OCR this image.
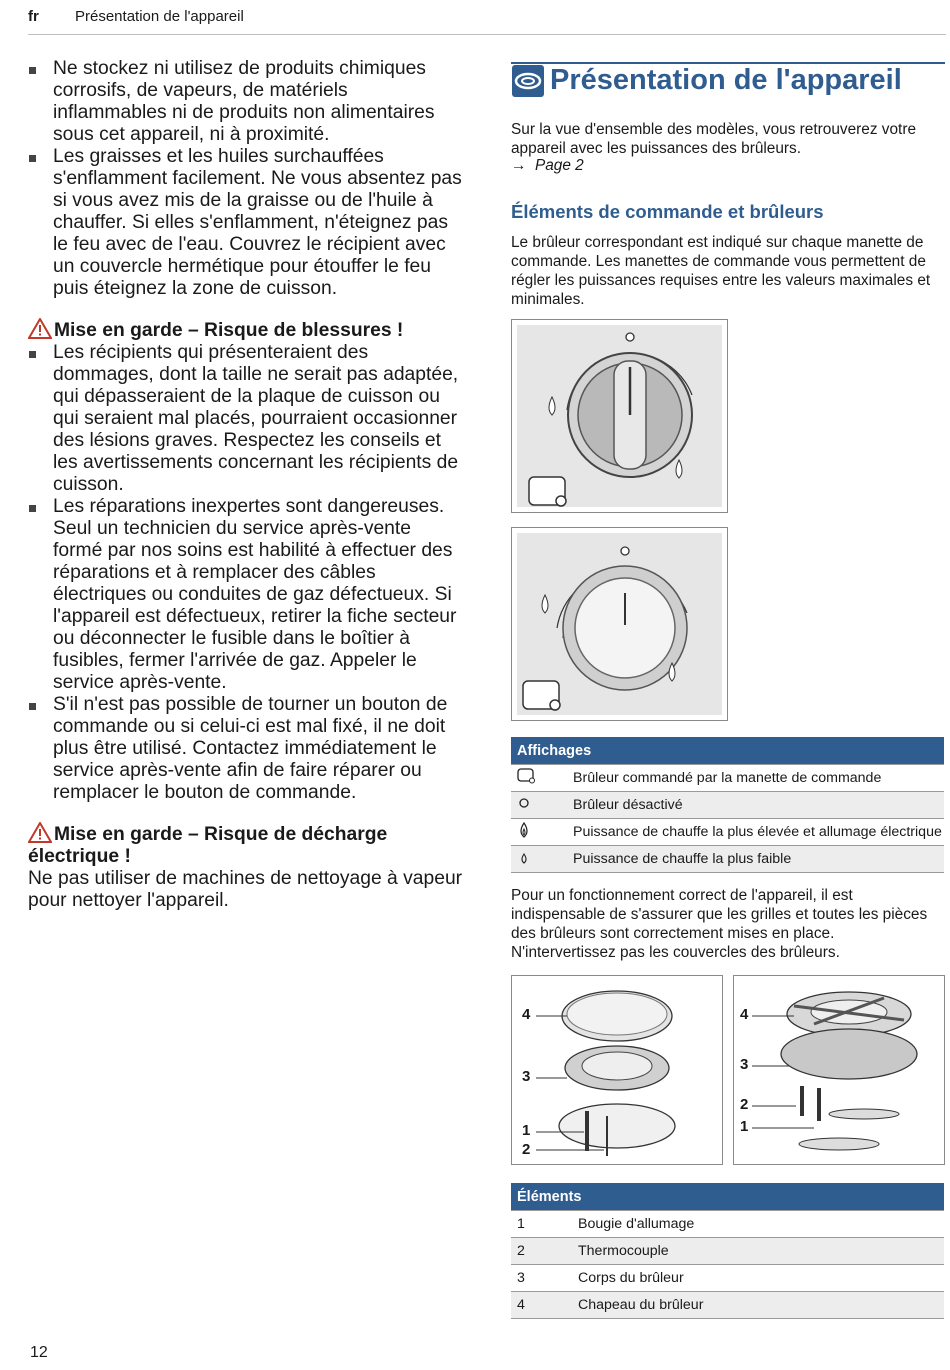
fr Présentation de l'appareil
Ne stockez ni utilisez de produits chimiques corrosifs, de vapeurs, de matériels inflammables ni de produits non alimentaires sous cet appareil, ni à proximité.
Les graisses et les huiles surchauffées s'enflamment facilement. Ne vous absentez pas si vous avez mis de la graisse ou de l'huile à chauffer. Si elles s'enflamment, n'éteignez pas le feu avec de l'eau. Couvrez le récipient avec un couvercle hermétique pour étouffer le feu puis éteignez la zone de cuisson.
Mise en garde – Risque de blessures !
Les récipients qui présenteraient des dommages, dont la taille ne serait pas adaptée, qui dépasseraient de la plaque de cuisson ou qui seraient mal placés, pourraient occasionner des lésions graves. Respectez les conseils et les avertissements concernant les récipients de cuisson.
Les réparations inexpertes sont dangereuses. Seul un technicien du service après-vente formé par nos soins est habilité à effectuer des réparations et à remplacer des câbles électriques ou conduites de gaz défectueux. Si l'appareil est défectueux, retirer la fiche secteur ou déconnecter le fusible dans le boîtier à fusibles, fermer l'arrivée de gaz. Appeler le service après-vente.
S'il n'est pas possible de tourner un bouton de commande ou si celui-ci est mal fixé, il ne doit plus être utilisé. Contactez immédiatement le service après-vente afin de faire réparer ou remplacer le bouton de commande.
Mise en garde – Risque de décharge électrique !

Ne pas utiliser de machines de nettoyage à vapeur pour nettoyer l'appareil.

Présentation de l'appareil
Sur la vue d'ensemble des modèles, vous retrouverez votre appareil avec les puissances des brûleurs.
→ Page 2
Éléments de commande et brûleurs
Le brûleur correspondant est indiqué sur chaque manette de commande. Les manettes de commande vous permettent de régler les puissances requises entre les valeurs maximales et minimales.
Affichages	
	Brûleur commandé par la manette de commande
	Brûleur désactivé
	Puissance de chauffe la plus élevée et allumage électrique
	Puissance de chauffe la plus faible
Pour un fonctionnement correct de l'appareil, il est indispensable de s'assurer que les grilles et toutes les pièces des brûleurs sont correctement mises en place. N'intervertissez pas les couvercles des brûleurs.
4
3
1
2
4
3
2
1
Éléments	
1	Bougie d'allumage
2	Thermocouple
3	Corps du brûleur
4	Chapeau du brûleur
12
